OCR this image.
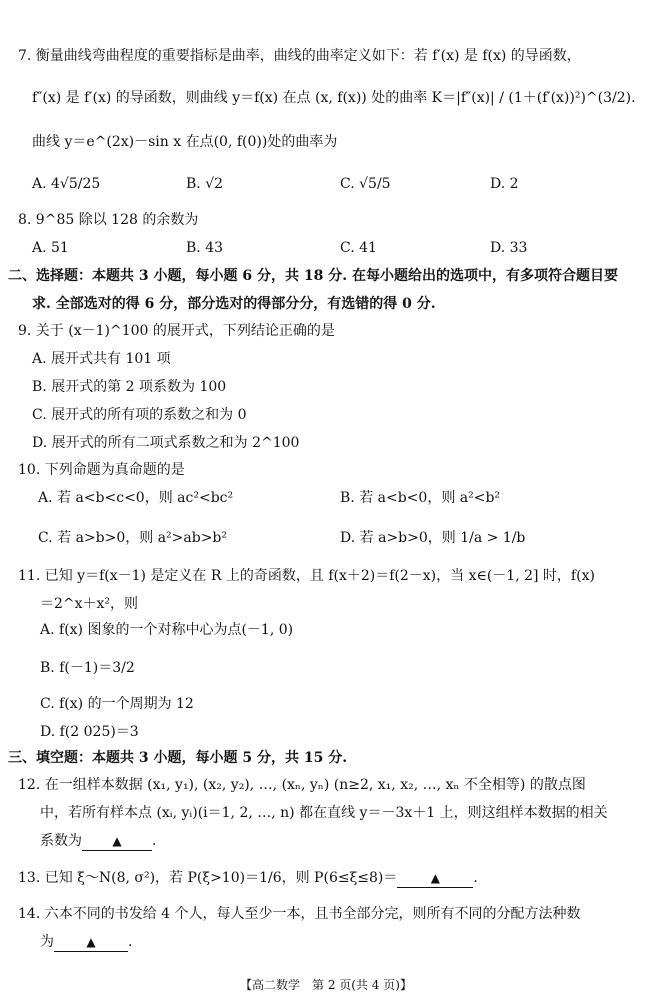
7. 衡量曲线弯曲程度的重要指标是曲率，曲线的曲率定义如下：若 f′(x) 是 f(x) 的导函数，
f″(x) 是 f′(x) 的导函数，则曲线 y＝f(x) 在点 (x, f(x)) 处的曲率 K＝|f″(x)| / (1＋(f′(x))²)^(3/2).
曲线 y＝e^(2x)－sin x 在点(0, f(0))处的曲率为
A. 4√5/25	B. √2	C. √5/5	D. 2
8. 9^85 除以 128 的余数为
A. 51	B. 43	C. 41	D. 33
二、选择题：本题共 3 小题，每小题 6 分，共 18 分. 在每小题给出的选项中，有多项符合题目要
求. 全部选对的得 6 分，部分选对的得部分分，有选错的得 0 分.
9. 关于 (x－1)^100 的展开式，下列结论正确的是
A. 展开式共有 101 项
B. 展开式的第 2 项系数为 100
C. 展开式的所有项的系数之和为 0
D. 展开式的所有二项式系数之和为 2^100
10. 下列命题为真命题的是
A. 若 a<b<c<0，则 ac²<bc²	B. 若 a<b<0，则 a²<b²
C. 若 a>b>0，则 a²>ab>b²	D. 若 a>b>0，则 1/a > 1/b
11. 已知 y＝f(x－1) 是定义在 R 上的奇函数，且 f(x＋2)＝f(2－x)，当 x∈(－1, 2] 时，f(x)
＝2^x＋x²，则
A. f(x) 图象的一个对称中心为点(－1, 0)
B. f(－1)＝3/2
C. f(x) 的一个周期为 12
D. f(2 025)＝3
三、填空题：本题共 3 小题，每小题 5 分，共 15 分.
12. 在一组样本数据 (x₁, y₁), (x₂, y₂), …, (xₙ, yₙ) (n≥2, x₁, x₂, …, xₙ 不全相等) 的散点图
中，若所有样本点 (xᵢ, yᵢ)(i＝1, 2, …, n) 都在直线 y＝－3x＋1 上，则这组样本数据的相关
系数为	▲ .
13. 已知 ξ～N(8, σ²)，若 P(ξ>10)＝1/6，则 P(6≤ξ≤8)＝	▲ .
14. 六本不同的书发给 4 个人，每人至少一本，且书全部分完，则所有不同的分配方法种数
为	▲ .
【高二数学　第 2 页(共 4 页)】
